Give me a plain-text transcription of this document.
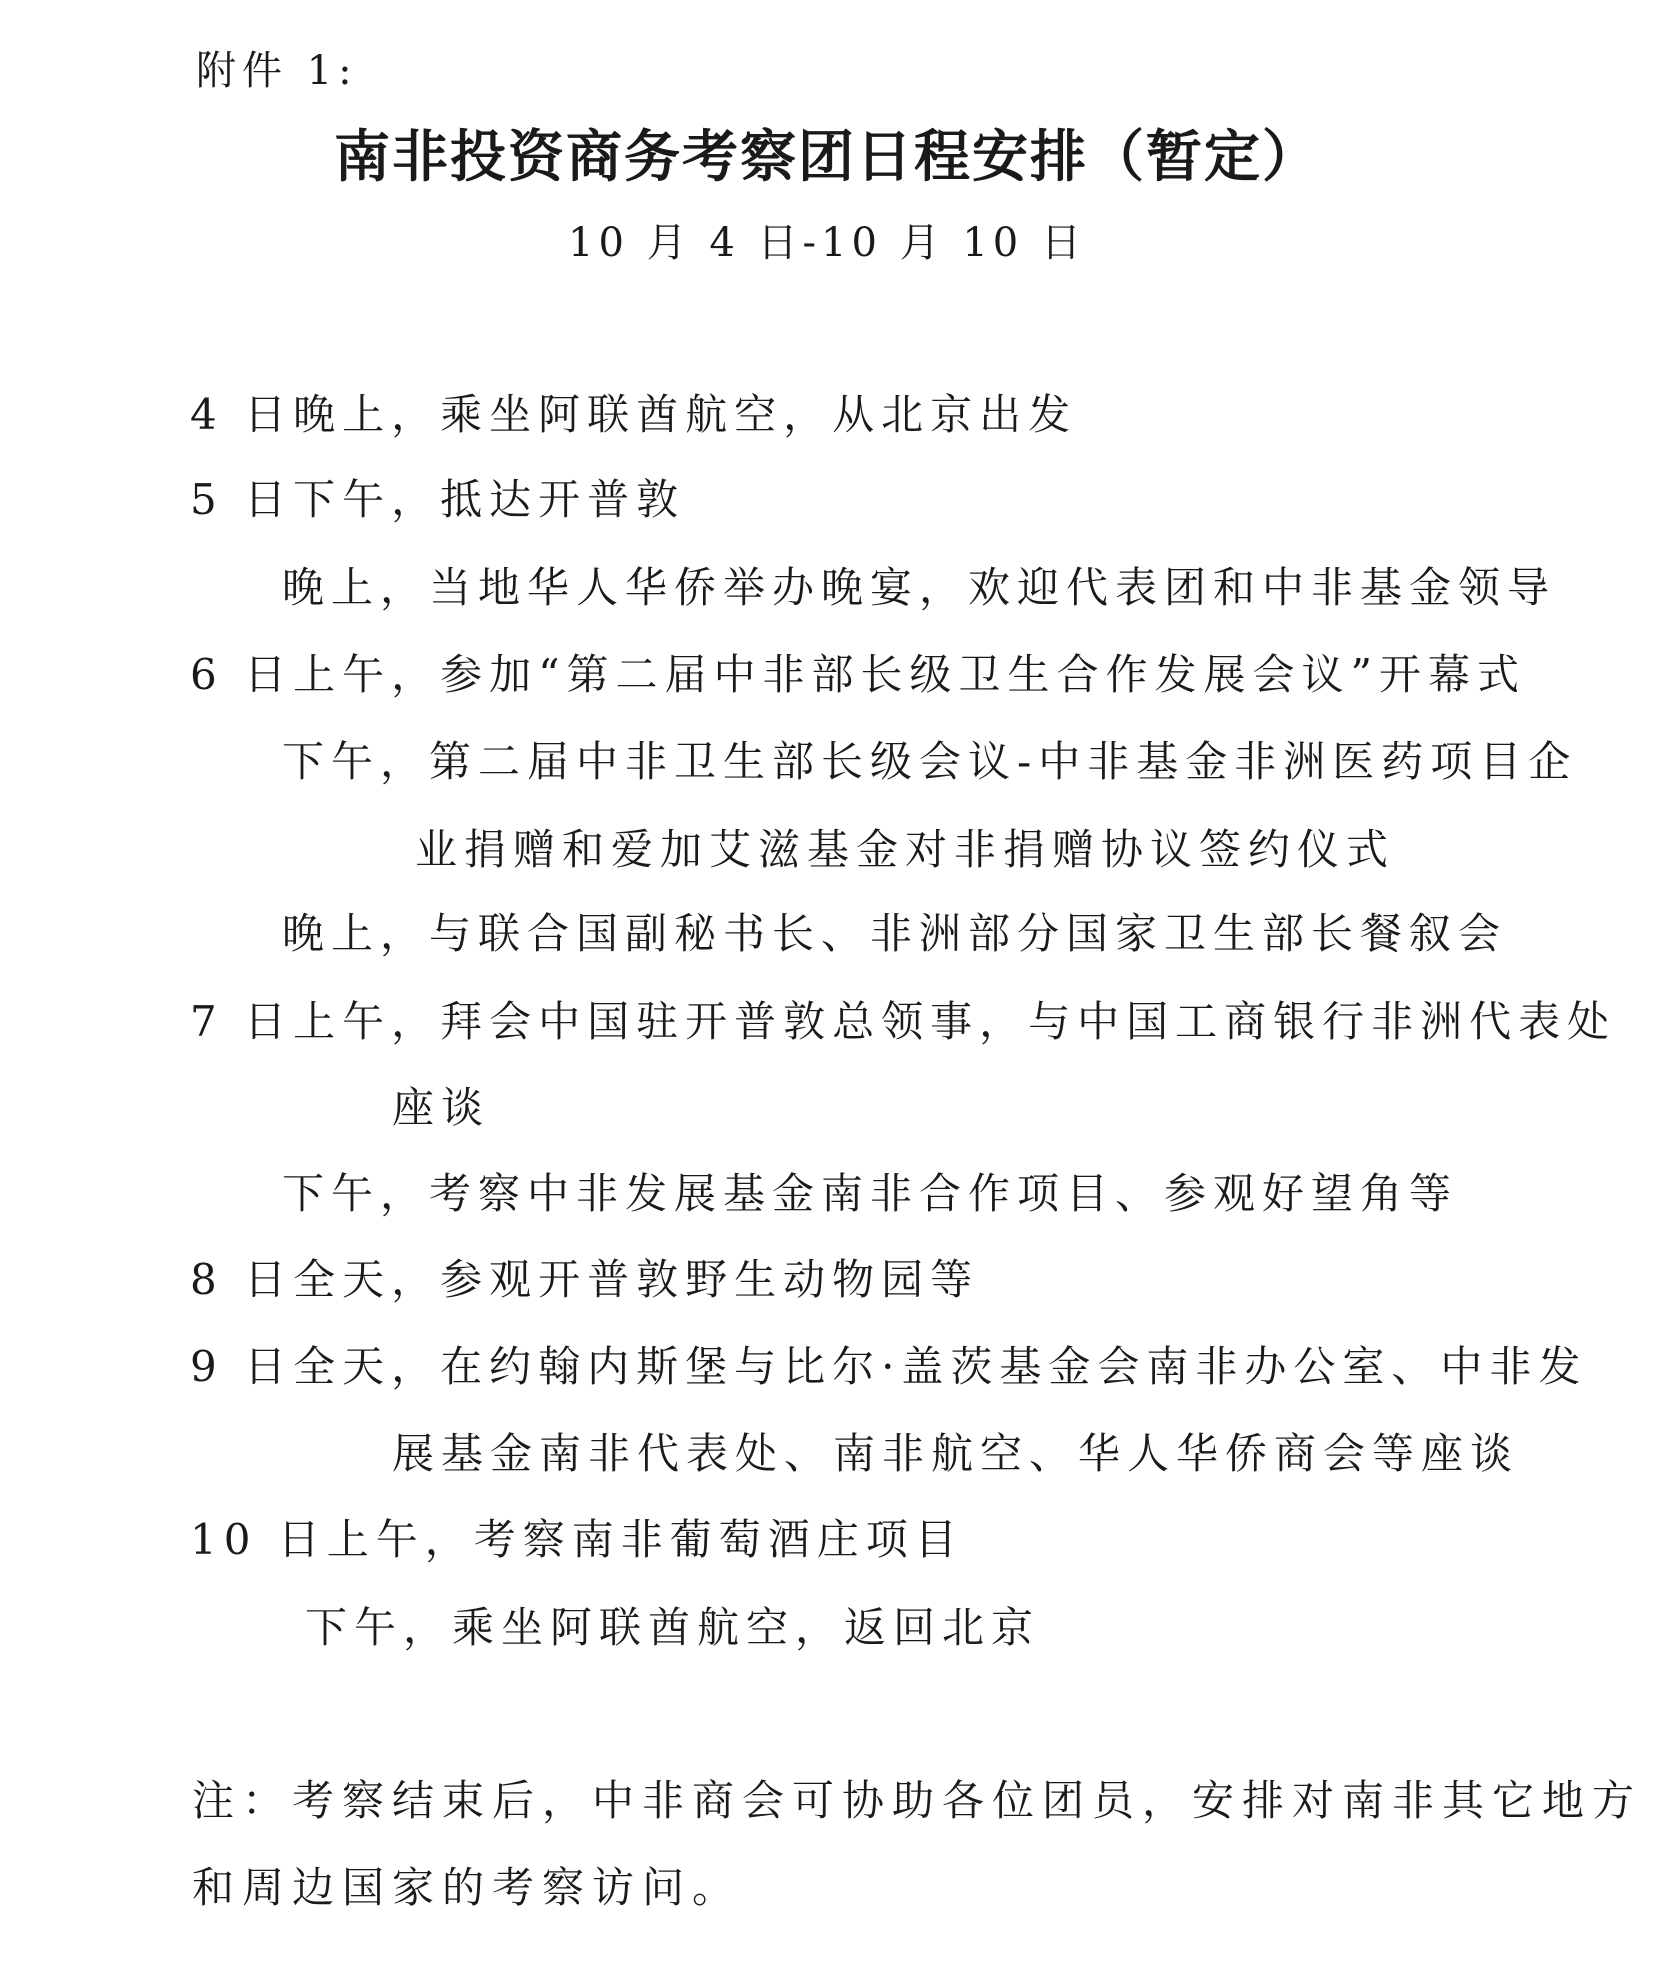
附件 1:
南非投资商务考察团日程安排（暂定）
10 月 4 日-10 月 10 日
4 日晚上，乘坐阿联酋航空，从北京出发
5 日下午，抵达开普敦
晚上，当地华人华侨举办晚宴，欢迎代表团和中非基金领导
6 日上午，参加“第二届中非部长级卫生合作发展会议”开幕式
下午，第二届中非卫生部长级会议-中非基金非洲医药项目企
业捐赠和爱加艾滋基金对非捐赠协议签约仪式
晚上，与联合国副秘书长、非洲部分国家卫生部长餐叙会
7 日上午，拜会中国驻开普敦总领事，与中国工商银行非洲代表处
座谈
下午，考察中非发展基金南非合作项目、参观好望角等
8 日全天，参观开普敦野生动物园等
9 日全天，在约翰内斯堡与比尔·盖茨基金会南非办公室、中非发
展基金南非代表处、南非航空、华人华侨商会等座谈
10 日上午，考察南非葡萄酒庄项目
下午，乘坐阿联酋航空，返回北京
注：考察结束后，中非商会可协助各位团员，安排对南非其它地方
和周边国家的考察访问。
